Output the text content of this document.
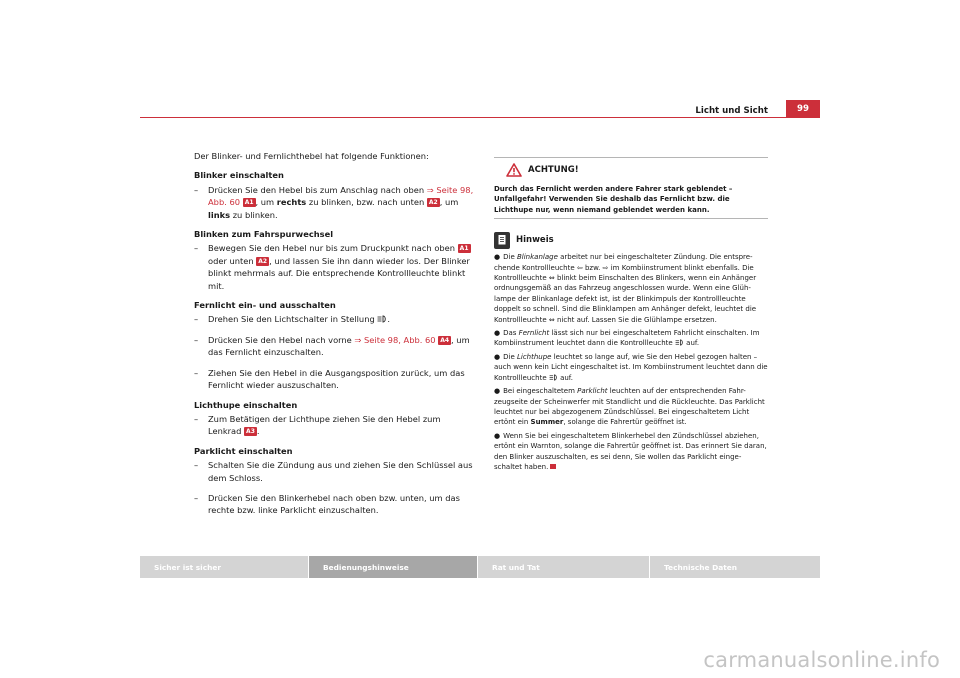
Licht und Sicht	99

Der Blinker- und Fernlichthebel hat folgende Funktionen:

Blinker einschalten

– Drücken Sie den Hebel bis zum Anschlag nach oben ⇒ Seite 98, Abb. 60 A1 , um rechts zu blinken, bzw. nach unten A2 , um links zu blinken.

Blinken zum Fahrspurwechsel

– Bewegen Sie den Hebel nur bis zum Druckpunkt nach oben A1 oder unten A2 , und lassen Sie ihn dann wieder los. Der Blinker blinkt mehrmals auf. Die entsprechende Kontrollleuchte blinkt mit.

Fernlicht ein- und ausschalten

– Drehen Sie den Lichtschalter in Stellung .

– Drücken Sie den Hebel nach vorne ⇒ Seite 98, Abb. 60 A4 , um das Fernlicht einzuschalten.

– Ziehen Sie den Hebel in die Ausgangsposition zurück, um das Fernlicht wieder auszuschalten.

Lichthupe einschalten

– Zum Betätigen der Lichthupe ziehen Sie den Hebel zum Lenkrad A3 .

Parklicht einschalten

– Schalten Sie die Zündung aus und ziehen Sie den Schlüssel aus dem Schloss.

– Drücken Sie den Blinkerhebel nach oben bzw. unten, um das rechte bzw. linke Parklicht einzuschalten.

ACHTUNG!
Durch das Fernlicht werden andere Fahrer stark geblendet – Unfallgefahr! Verwenden Sie deshalb das Fernlicht bzw. die Lichthupe nur, wenn niemand geblendet werden kann.
Hinweis

● Die Blinkanlage arbeitet nur bei eingeschalteter Zündung. Die entspre-chende Kontrollleuchte ⇦ bzw. ⇨ im Kombiinstrument blinkt ebenfalls. Die Kontrollleuchte ⇔ blinkt beim Einschalten des Blinkers, wenn ein Anhänger ordnungsgemäß an das Fahrzeug angeschlossen wurde. Wenn eine Glüh-lampe der Blinkanlage defekt ist, ist der Blinkimpuls der Kontrollleuchte doppelt so schnell. Sind die Blinklampen am Anhänger defekt, leuchtet die Kontrollleuchte ⇔ nicht auf. Lassen Sie die Glühlampe ersetzen.

● Das Fernlicht lässt sich nur bei eingeschaltetem Fahrlicht einschalten. Im Kombiinstrument leuchtet dann die Kontrollleuchte  auf.

● Die Lichthupe leuchtet so lange auf, wie Sie den Hebel gezogen halten – auch wenn kein Licht eingeschaltet ist. Im Kombiinstrument leuchtet dann die Kontrollleuchte  auf.

● Bei eingeschaltetem Parklicht leuchten auf der entsprechenden Fahr-zeugseite der Scheinwerfer mit Standlicht und die Rückleuchte. Das Parklicht leuchtet nur bei abgezogenem Zündschlüssel. Bei eingeschaltetem Licht ertönt ein Summer, solange die Fahrertür geöffnet ist.

● Wenn Sie bei eingeschaltetem Blinkerhebel den Zündschlüssel abziehen, ertönt ein Warnton, solange die Fahrertür geöffnet ist. Das erinnert Sie daran, den Blinker auszuschalten, es sei denn, Sie wollen das Parklicht einge-schaltet haben.

Sicher ist sicher	Bedienungshinweise	Rat und Tat	Technische Daten
carmanualsonline.info
